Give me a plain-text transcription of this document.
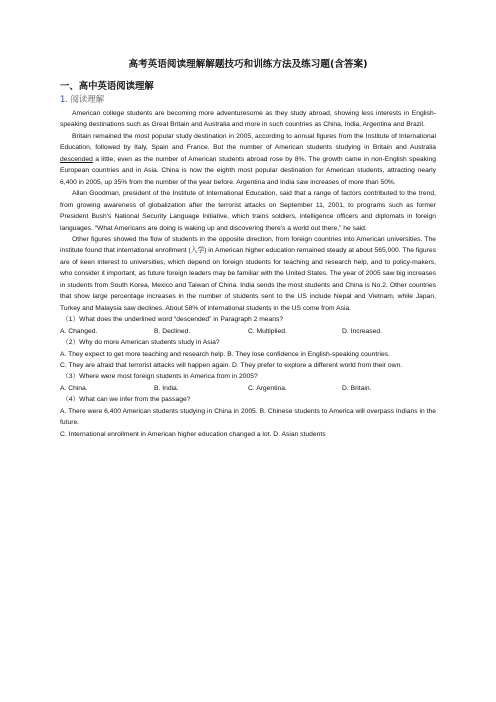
高考英语阅读理解解题技巧和训练方法及练习题(含答案)
一、高中英语阅读理解
1. 阅读理解

American college students are becoming more adventuresome as they study abroad, showing less interests in English-speaking destinations such as Great Britain and Australia and more in such countries as China, India, Argentina and Brazil.

Britain remained the most popular study destination in 2005, according to annual figures from the Institute of International Education, followed by Italy, Spain and France. But the number of American students studying in Britain and Australia descended a little, even as the number of American students abroad rose by 8%. The growth came in non-English speaking European countries and in Asia. China is now the eighth most popular destination for American students, attracting nearly 6,400 in 2005, up 35% from the number of the year before. Argentina and India saw increases of more than 50%.

Allan Goodman, president of the Institute of International Education, said that a range of factors contributed to the trend, from growing awareness of globalization after the terrorist attacks on September 11, 2001, to programs such as former President Bush's National Security Language Initiative, which trains soldiers, intelligence officers and diplomats in foreign languages. “What Americans are doing is waking up and discovering there's a world out there,” he said.

Other figures showed the flow of students in the opposite direction, from foreign countries into American universities. The institute found that international enrollment (入学) in American higher education remained steady at about 565,000. The figures are of keen interest to universities, which depend on foreign students for teaching and research help, and to policy-makers, who consider it important, as future foreign leaders may be familiar with the United States. The year of 2005 saw big increases in students from South Korea, Mexico and Taiwan of China. India sends the most students and China is No.2. Other countries that show large percentage increases in the number of students sent to the US include Nepal and Vietnam, while Japan, Turkey and Malaysia saw declines. About 58% of international students in the US come from Asia.

（1）What does the underlined word “descended” in Paragraph 2 means?
A. Changed.	B. Declined.	C. Multiplied.	D. Increased.
（2）Why do more American students study in Asia?

A. They expect to get more teaching and research help. B. They lose confidence in English-speaking countries.

C. They are afraid that terrorist attacks will happen again. D. They prefer to explore a different world from their own.

（3）Where were most foreign students in America from in 2005?
A. China.	B. India.	C. Argentina.	D. Britain.
（4）What can we infer from the passage?

A. There were 6,400 American students studying in China in 2005. B. Chinese students to America will overpass Indians in the future.

C. International enrollment in American higher education changed a lot. D. Asian students
